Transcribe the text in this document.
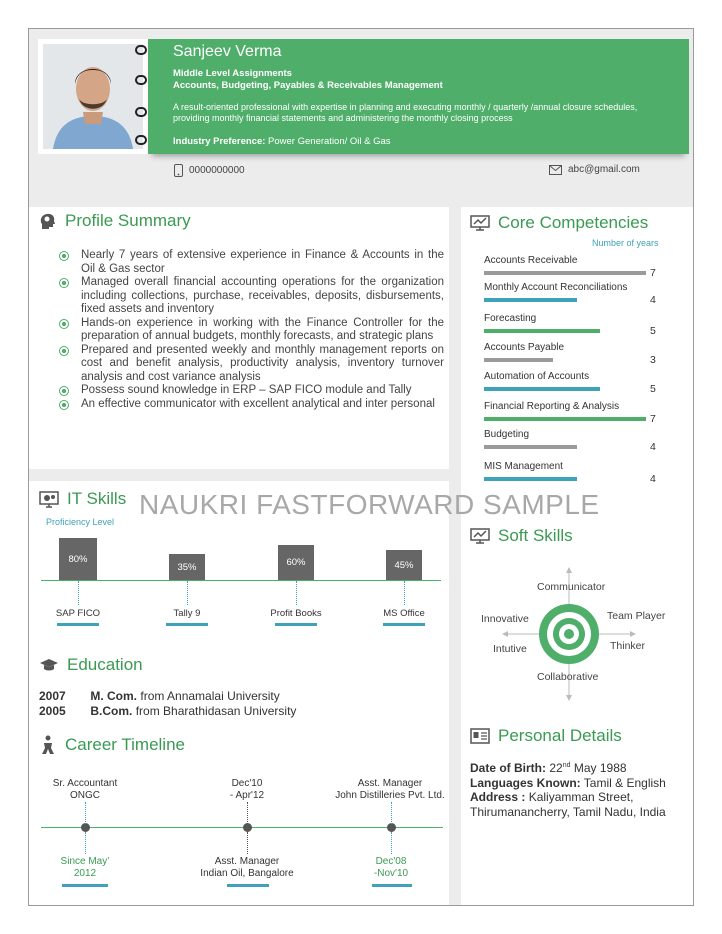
Sanjeev Verma
Middle Level Assignments
Accounts, Budgeting, Payables & Receivables Management
A result-oriented professional with expertise in planning and executing monthly / quarterly /annual closure schedules, providing monthly financial statements and administering the monthly closing process
Industry Preference: Power Generation/ Oil & Gas
0000000000	abc@gmail.com
Profile Summary
Nearly 7 years of extensive experience in Finance & Accounts in the Oil & Gas sector
Managed overall financial accounting operations for the organization including collections, purchase, receivables, deposits, disbursements, fixed assets and inventory
Hands-on experience in working with the Finance Controller for the preparation of annual budgets, monthly forecasts, and strategic plans
Prepared and presented weekly and monthly management reports on cost and benefit analysis, productivity analysis, inventory turnover analysis and cost variance analysis
Possess sound knowledge in ERP – SAP FICO module and Tally
An effective communicator with excellent analytical and inter personal
Core Competencies
Number of years
Accounts Receivable
7
Monthly Account Reconciliations
4
Forecasting
5
Accounts Payable
3
Automation of Accounts
5
Financial Reporting & Analysis
7
Budgeting
4
MIS Management
4
NAUKRI FASTFORWARD SAMPLE
IT Skills
Proficiency Level
80%
SAP FICO
35%
Tally 9
60%
Profit Books
45%
MS Office
Education
2007 M. Com. from Annamalai University
2005 B.Com. from Bharathidasan University
Career Timeline
Sr. Accountant
ONGC
Dec'10
- Apr'12
Asst. Manager
John Distilleries Pvt. Ltd.
Since May’
2012
Asst. Manager
Indian Oil, Bangalore
Dec'08
-Nov'10
Soft Skills
Communicator
Innovative	Team Player
Intutive	Thinker
Collaborative
Personal Details
Date of Birth: 22nd May 1988
Languages Known: Tamil & English
Address : Kaliyamman Street, Thirumanancherry, Tamil Nadu, India
